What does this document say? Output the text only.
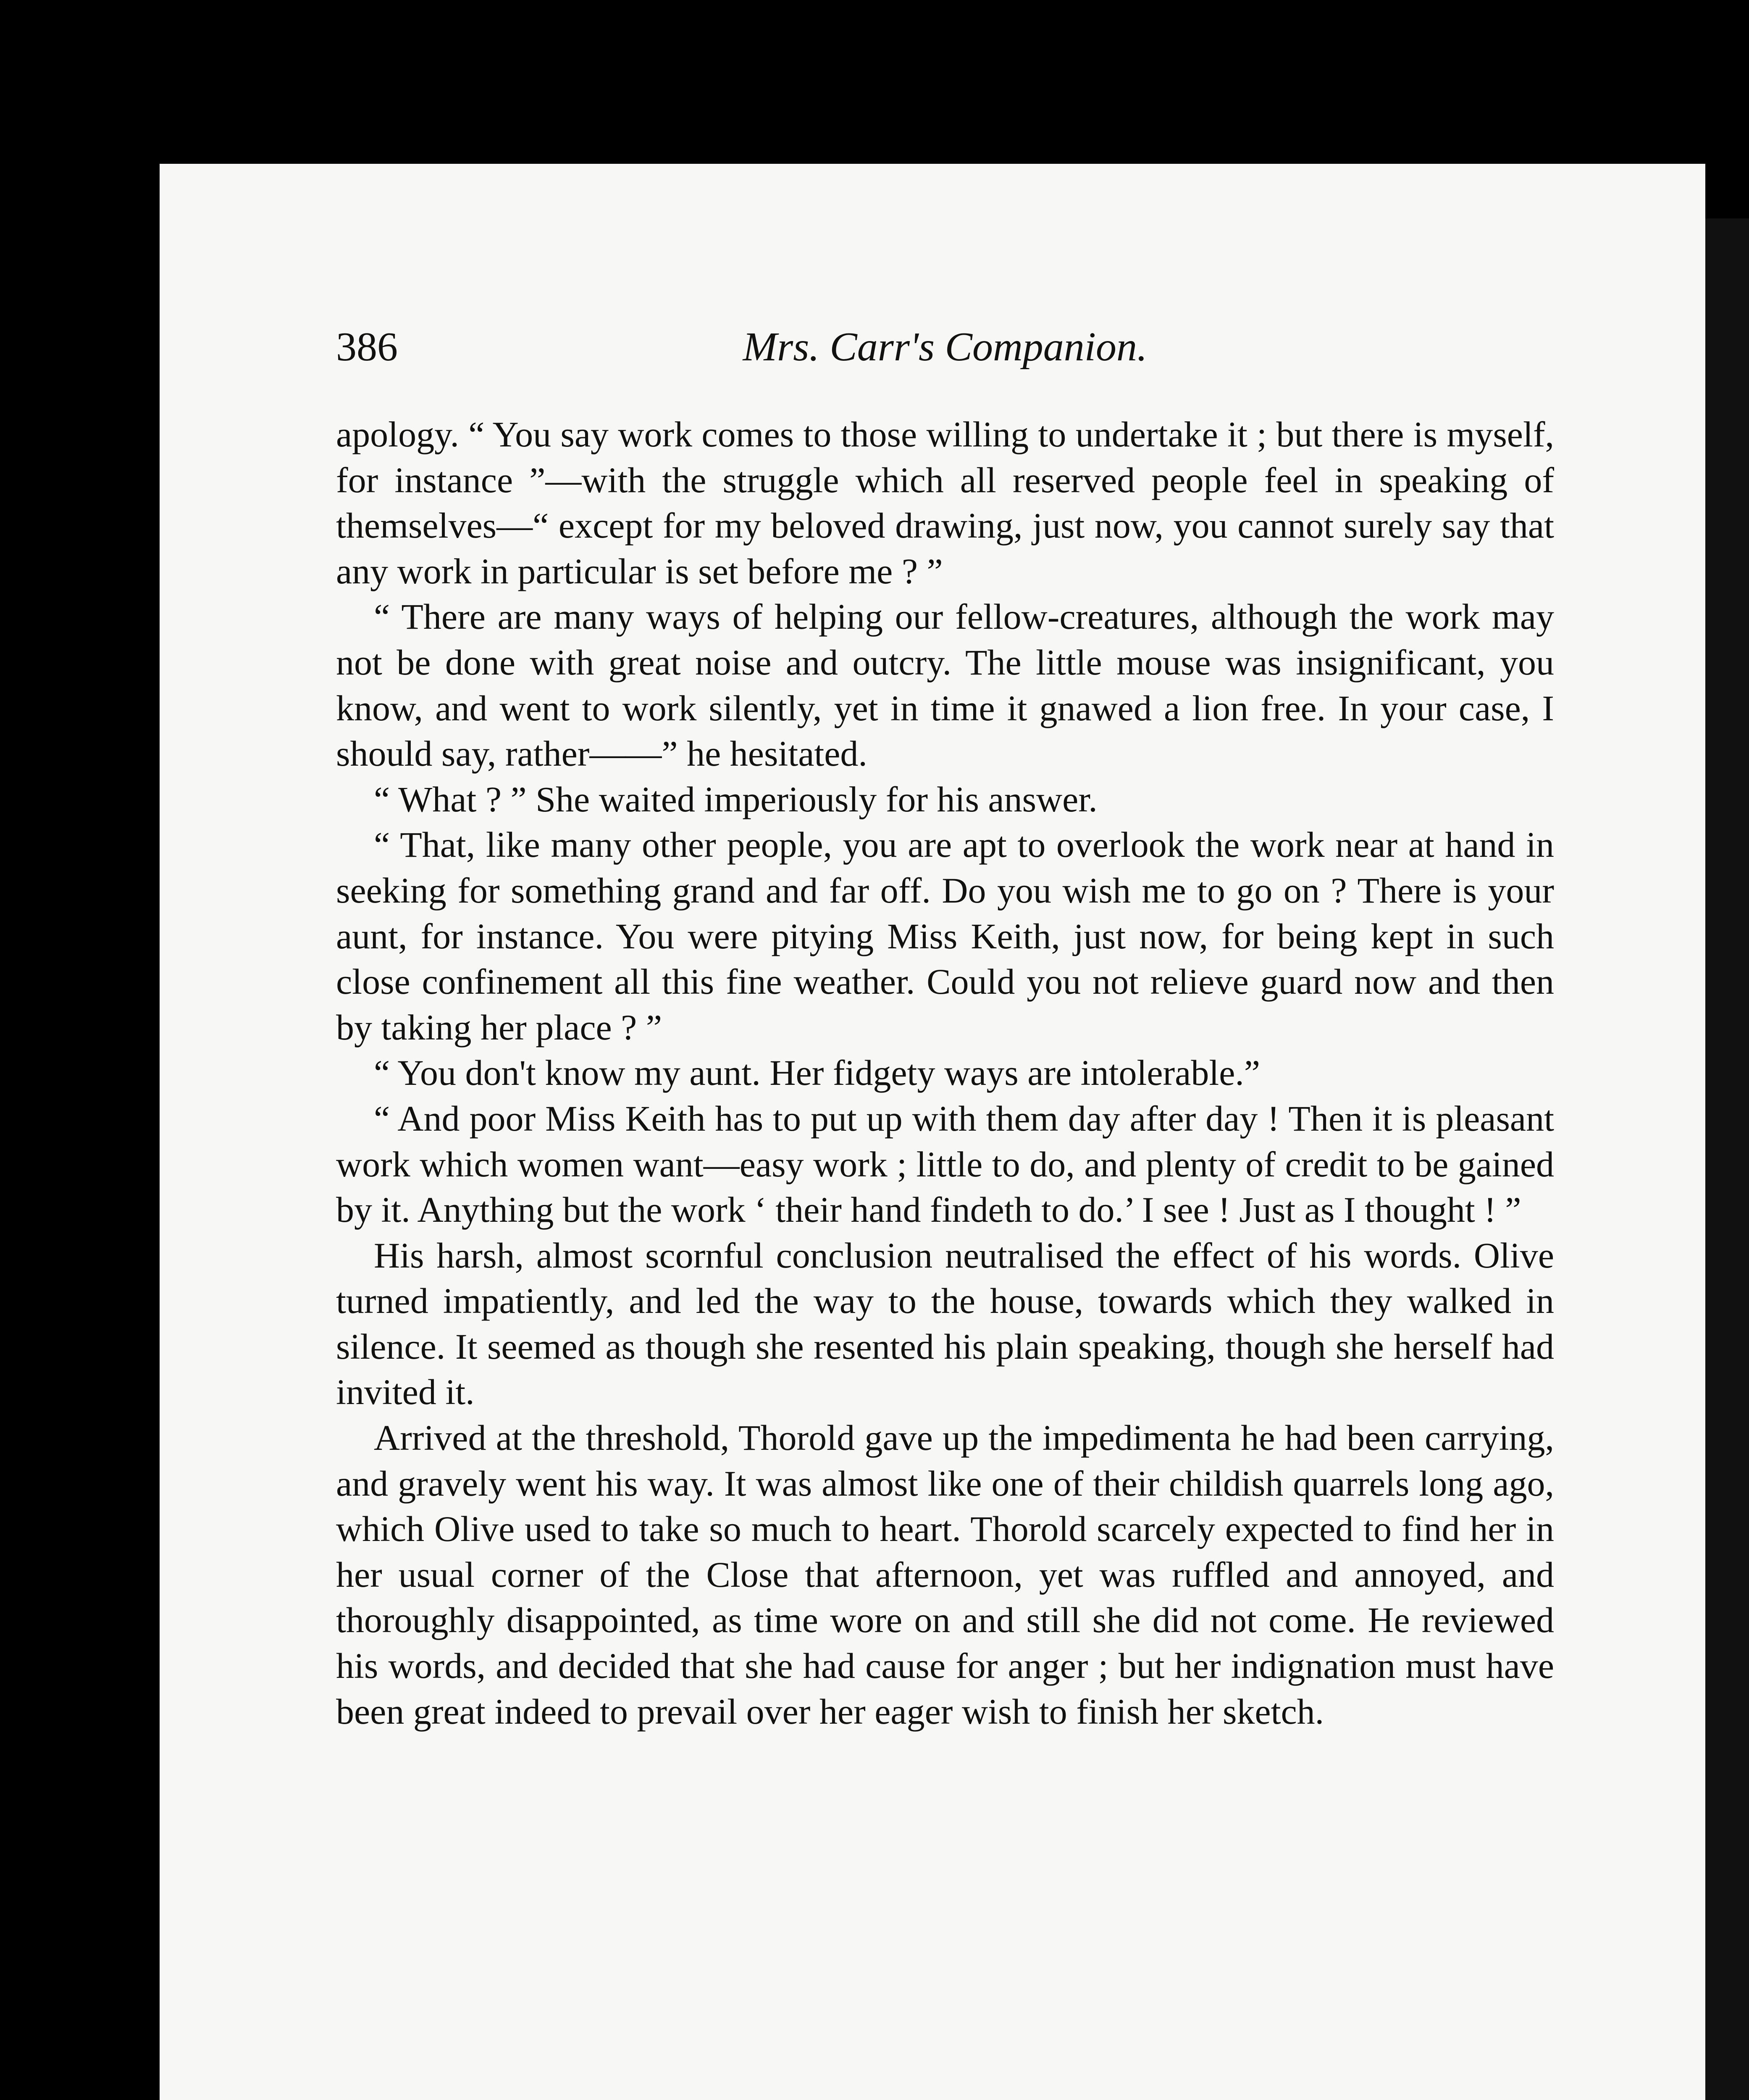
386	Mrs. Carr's Companion.

apology. “ You say work comes to those willing to undertake it ; but there is myself, for instance ”—with the struggle which all reserved people feel in speaking of themselves—“ except for my beloved drawing, just now, you cannot surely say that any work in particular is set before me ? ”

“ There are many ways of helping our fellow-creatures, although the work may not be done with great noise and outcry. The little mouse was insignificant, you know, and went to work silently, yet in time it gnawed a lion free. In your case, I should say, rather——” he hesitated.

“ What ? ” She waited imperiously for his answer.

“ That, like many other people, you are apt to overlook the work near at hand in seeking for something grand and far off. Do you wish me to go on ? There is your aunt, for instance. You were pitying Miss Keith, just now, for being kept in such close confinement all this fine weather. Could you not relieve guard now and then by taking her place ? ”

“ You don't know my aunt. Her fidgety ways are intolerable.”

“ And poor Miss Keith has to put up with them day after day ! Then it is pleasant work which women want—easy work ; little to do, and plenty of credit to be gained by it. Anything but the work ‘ their hand findeth to do.’ I see ! Just as I thought ! ”

His harsh, almost scornful conclusion neutralised the effect of his words. Olive turned impatiently, and led the way to the house, towards which they walked in silence. It seemed as though she resented his plain speaking, though she herself had invited it.

Arrived at the threshold, Thorold gave up the impedimenta he had been carrying, and gravely went his way. It was almost like one of their childish quarrels long ago, which Olive used to take so much to heart. Thorold scarcely expected to find her in her usual corner of the Close that afternoon, yet was ruffled and annoyed, and thoroughly disappointed, as time wore on and still she did not come. He reviewed his words, and decided that she had cause for anger ; but her indignation must have been great indeed to prevail over her eager wish to finish her sketch.
